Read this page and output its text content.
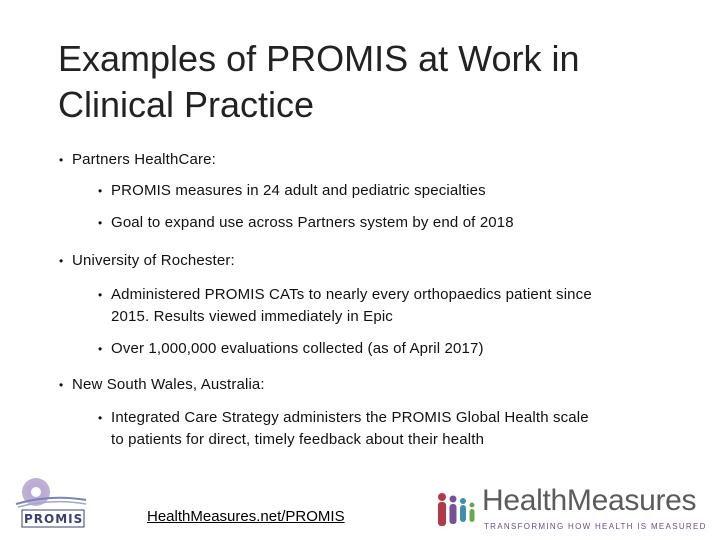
Examples of PROMIS at Work in
Clinical Practice
• Partners HealthCare:
• PROMIS measures in 24 adult and pediatric specialties
• Goal to expand use across Partners system by end of 2018
• University of Rochester:
• Administered PROMIS CATs to nearly every orthopaedics patient since
2015. Results viewed immediately in Epic
• Over 1,000,000 evaluations collected (as of April 2017)
• New South Wales, Australia:
• Integrated Care Strategy administers the PROMIS Global Health scale
to patients for direct, timely feedback about their health
PROMIS	HealthMeasures.net/PROMIS	HealthMeasures
TRANSFORMING HOW HEALTH IS MEASURED
